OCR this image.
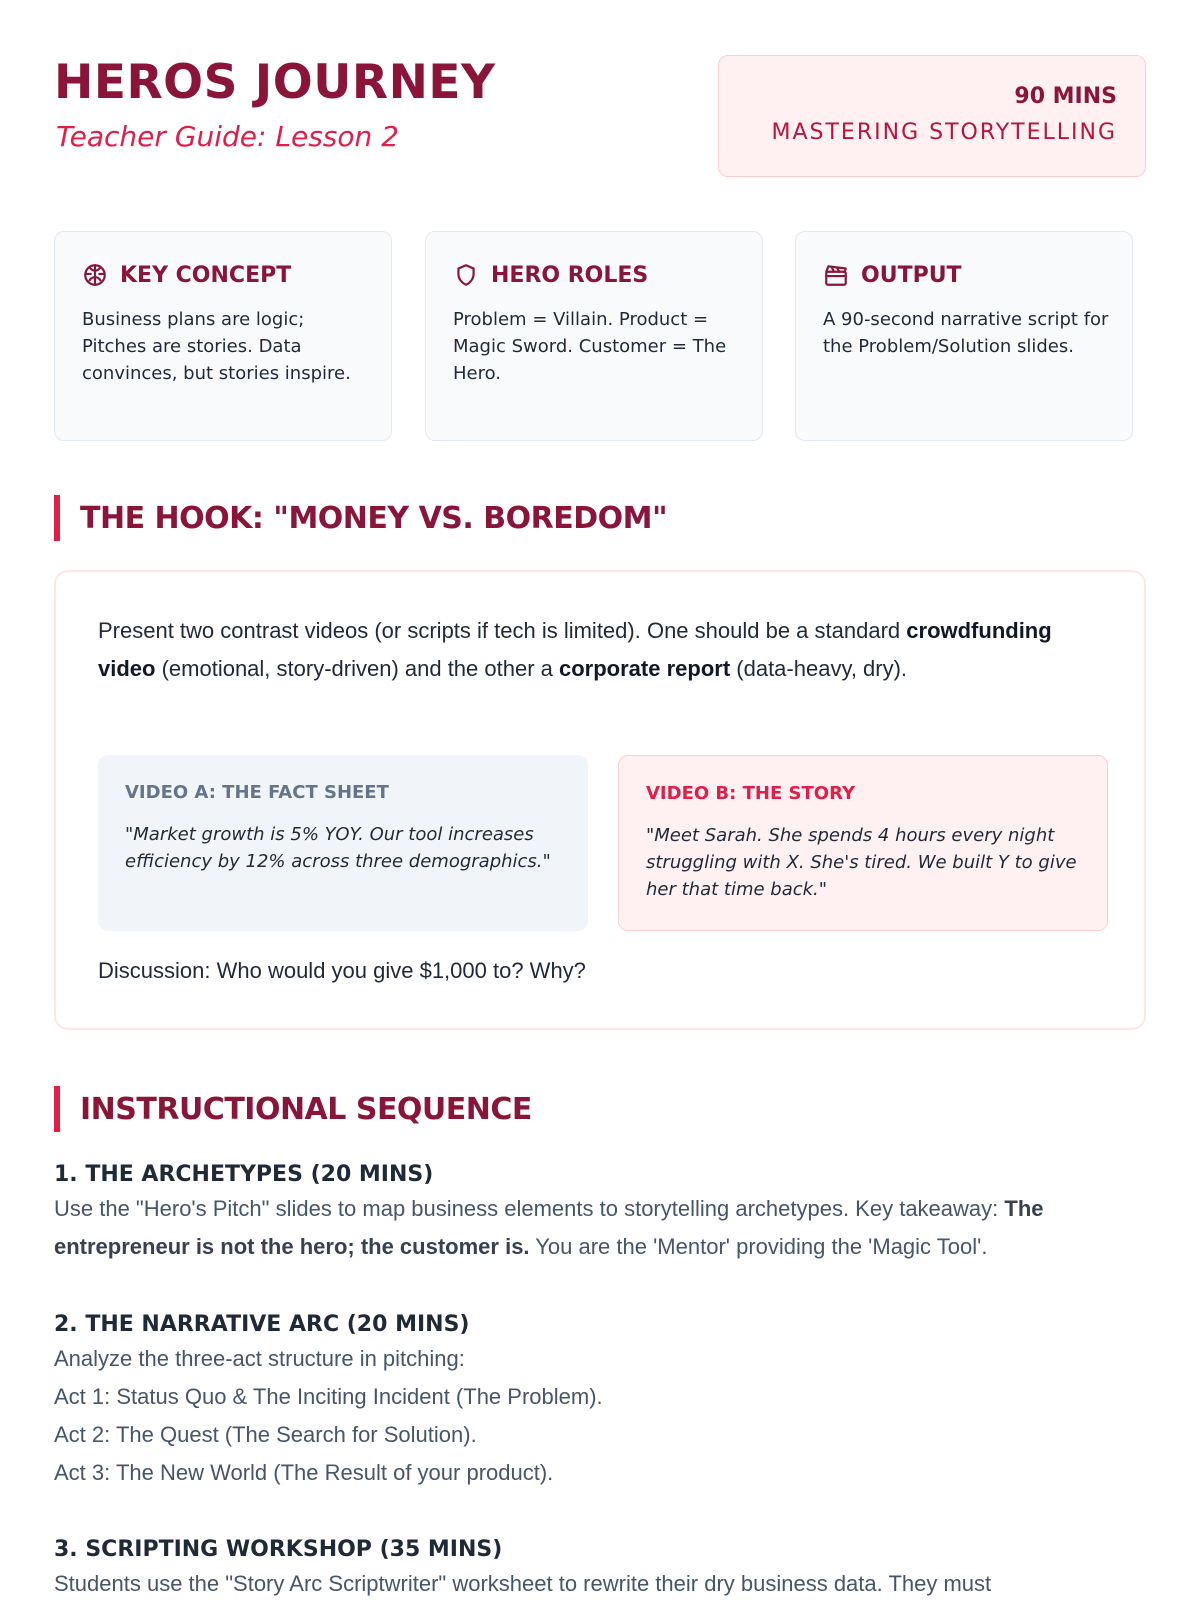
HEROS JOURNEY
Teacher Guide: Lesson 2
90 MINS
MASTERING STORYTELLING
KEY CONCEPT
Business plans are logic; Pitches are stories. Data convinces, but stories inspire.
HERO ROLES
Problem = Villain. Product = Magic Sword. Customer = The Hero.
OUTPUT
A 90-second narrative script for the Problem/Solution slides.
THE HOOK: "MONEY VS. BOREDOM"
Present two contrast videos (or scripts if tech is limited). One should be a standard crowdfunding video (emotional, story-driven) and the other a corporate report (data-heavy, dry).
VIDEO A: THE FACT SHEET
"Market growth is 5% YOY. Our tool increases efficiency by 12% across three demographics."
VIDEO B: THE STORY
"Meet Sarah. She spends 4 hours every night struggling with X. She's tired. We built Y to give her that time back."
Discussion: Who would you give $1,000 to? Why?
INSTRUCTIONAL SEQUENCE
1. THE ARCHETYPES (20 MINS)
Use the "Hero's Pitch" slides to map business elements to storytelling archetypes. Key takeaway: The entrepreneur is not the hero; the customer is. You are the 'Mentor' providing the 'Magic Tool'.
2. THE NARRATIVE ARC (20 MINS)
Analyze the three-act structure in pitching:
Act 1: Status Quo & The Inciting Incident (The Problem).
Act 2: The Quest (The Search for Solution).
Act 3: The New World (The Result of your product).
3. SCRIPTING WORKSHOP (35 MINS)
Students use the "Story Arc Scriptwriter" worksheet to rewrite their dry business data. They must
